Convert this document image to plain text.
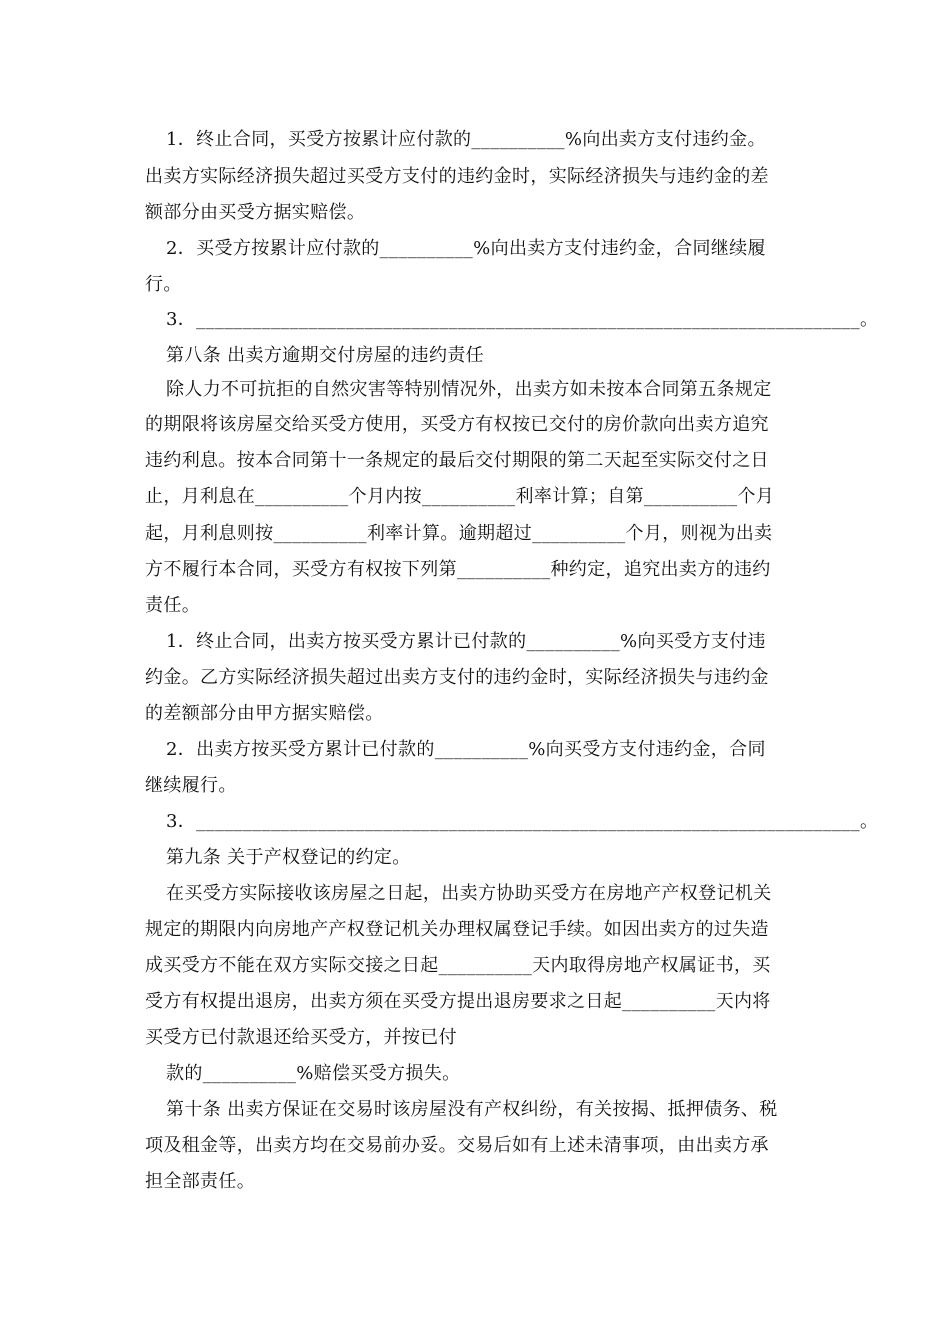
1．终止合同，买受方按累计应付款的__________%向出卖方支付违约金。
出卖方实际经济损失超过买受方支付的违约金时，实际经济损失与违约金的差
额部分由买受方据实赔偿。
2．买受方按累计应付款的__________%向出卖方支付违约金，合同继续履
行。
3．_______________________________________________________________________。
第八条 出卖方逾期交付房屋的违约责任
除人力不可抗拒的自然灾害等特别情况外，出卖方如未按本合同第五条规定
的期限将该房屋交给买受方使用，买受方有权按已交付的房价款向出卖方追究
违约利息。按本合同第十一条规定的最后交付期限的第二天起至实际交付之日
止，月利息在__________个月内按__________利率计算；自第__________个月
起，月利息则按__________利率计算。逾期超过__________个月，则视为出卖
方不履行本合同，买受方有权按下列第__________种约定，追究出卖方的违约
责任。
1．终止合同，出卖方按买受方累计已付款的__________%向买受方支付违
约金。乙方实际经济损失超过出卖方支付的违约金时，实际经济损失与违约金
的差额部分由甲方据实赔偿。
2．出卖方按买受方累计已付款的__________%向买受方支付违约金，合同
继续履行。
3．_______________________________________________________________________。
第九条 关于产权登记的约定。
在买受方实际接收该房屋之日起，出卖方协助买受方在房地产产权登记机关
规定的期限内向房地产产权登记机关办理权属登记手续。如因出卖方的过失造
成买受方不能在双方实际交接之日起__________天内取得房地产权属证书，买
受方有权提出退房，出卖方须在买受方提出退房要求之日起__________天内将
买受方已付款退还给买受方，并按已付
款的__________%赔偿买受方损失。
第十条 出卖方保证在交易时该房屋没有产权纠纷，有关按揭、抵押债务、税
项及租金等，出卖方均在交易前办妥。交易后如有上述未清事项，由出卖方承
担全部责任。
